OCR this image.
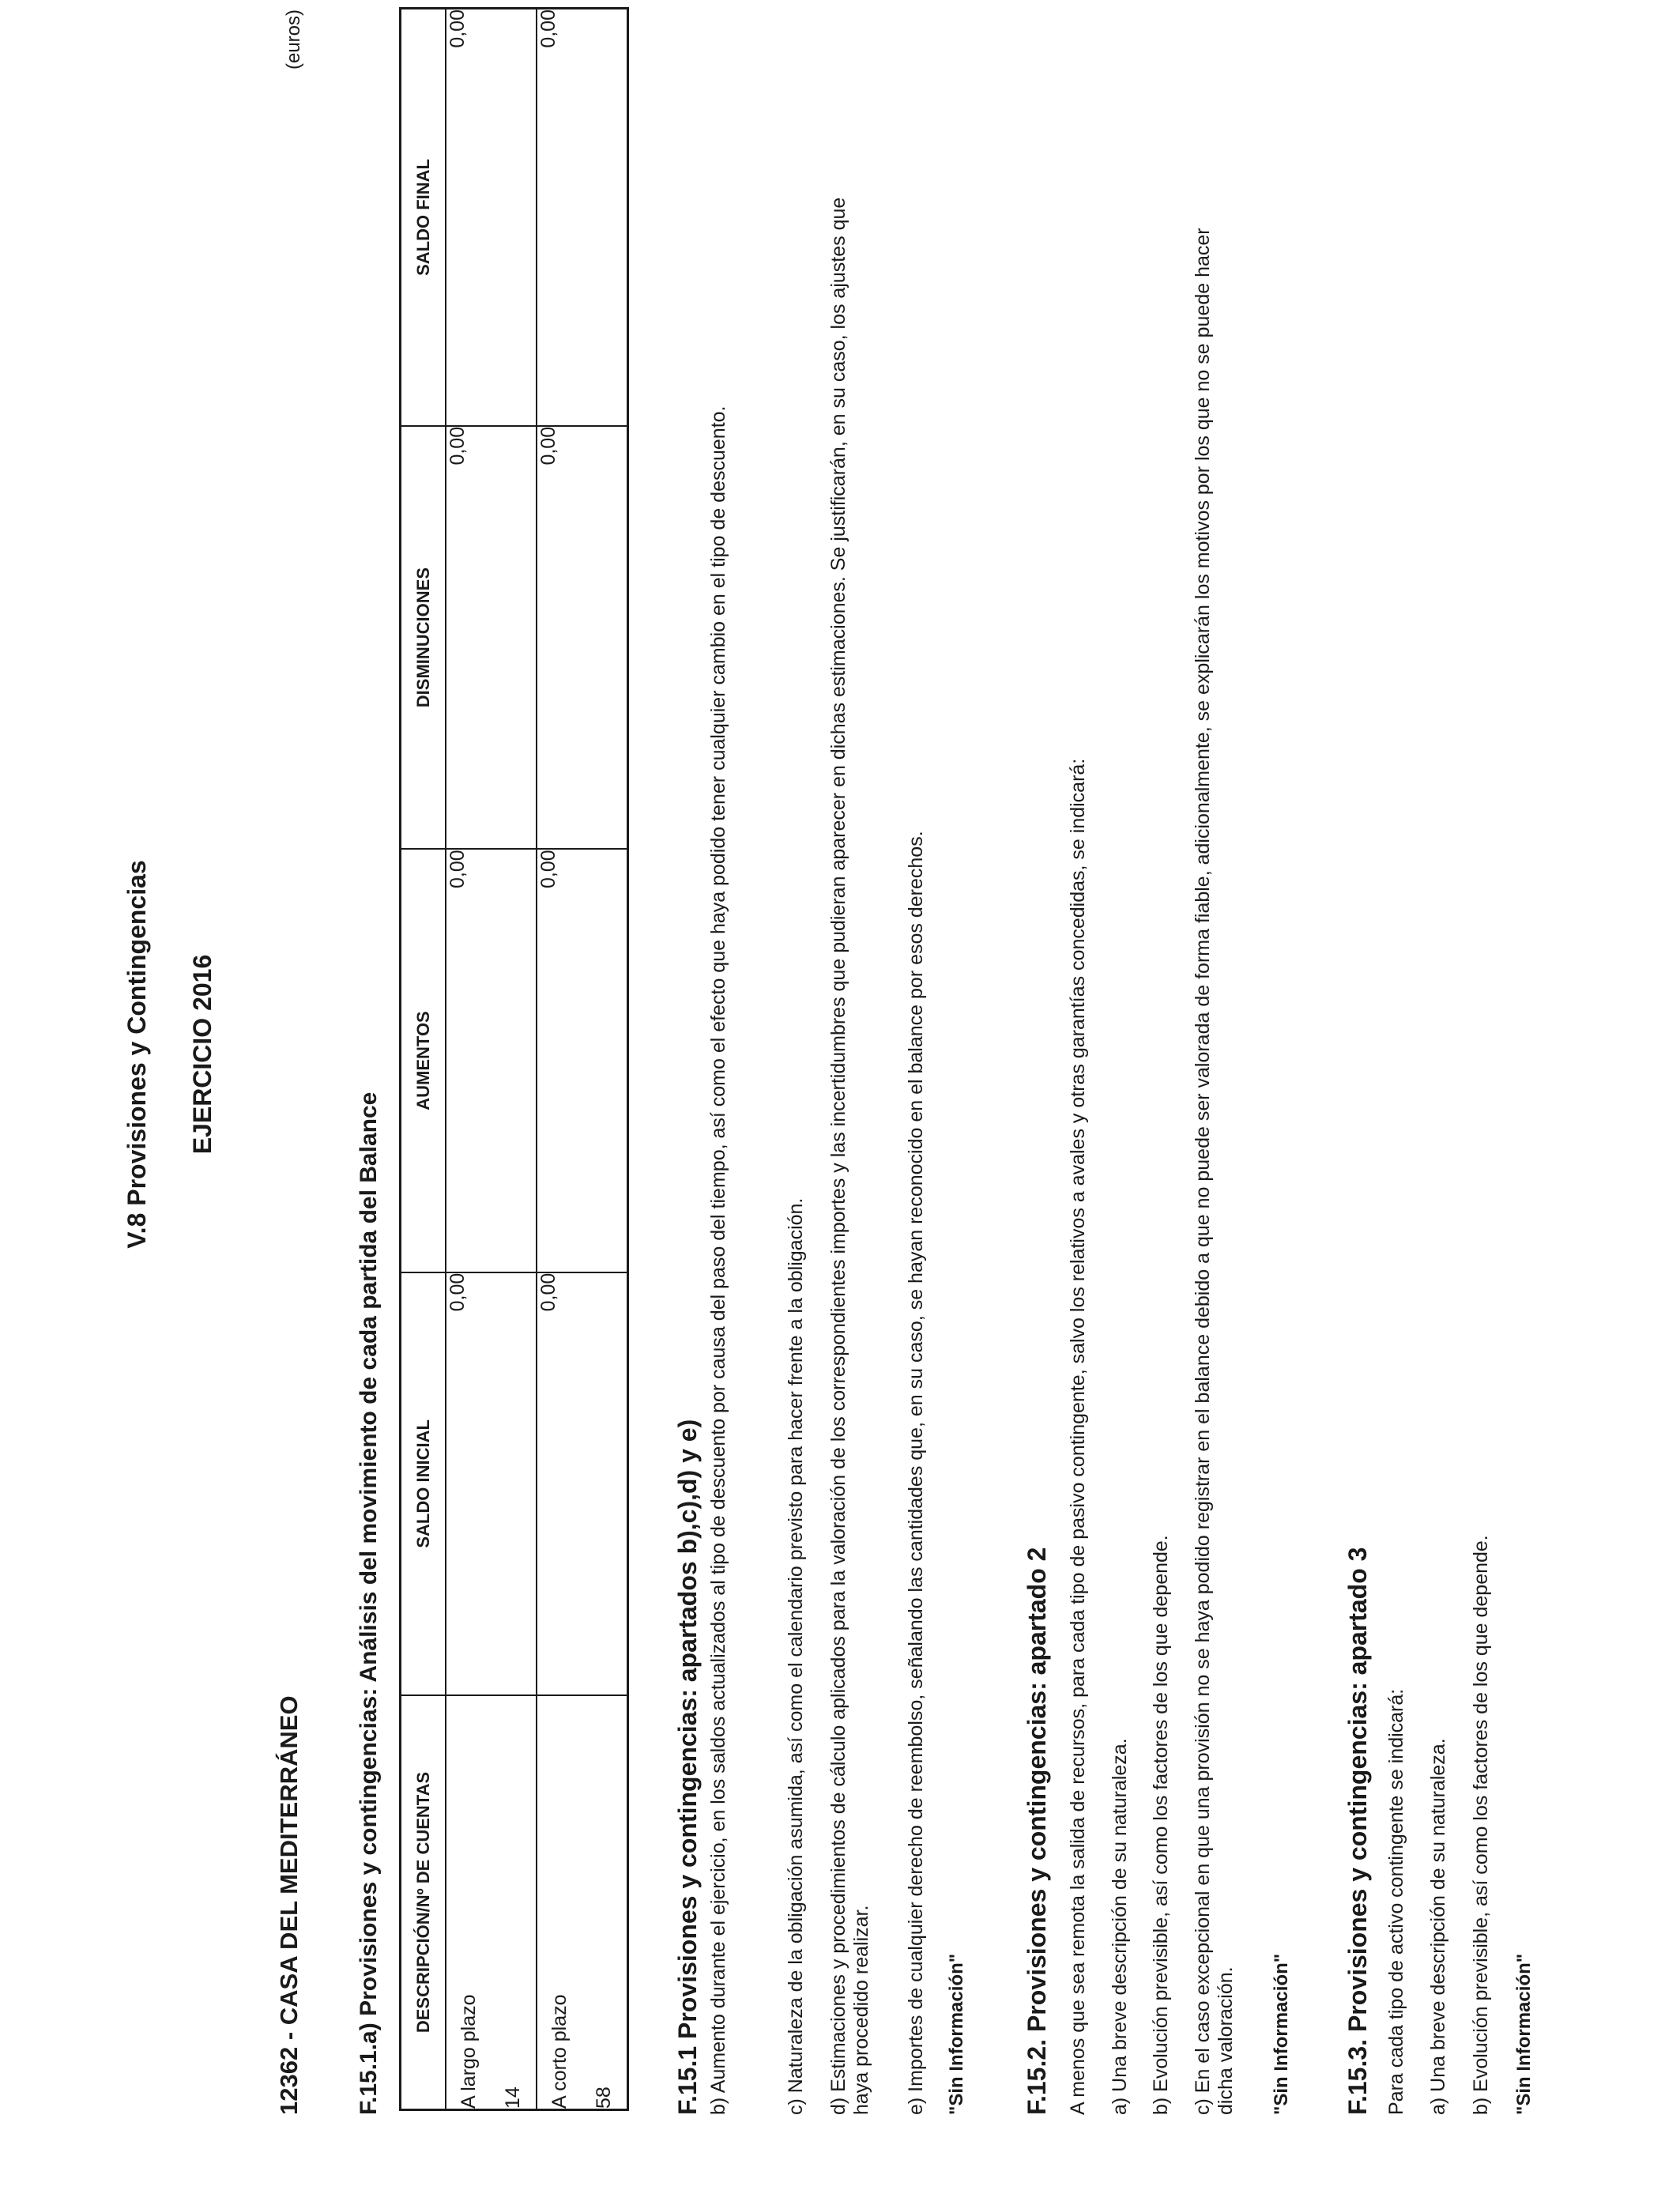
V.8 Provisiones y Contingencias EJERCICIO 2016
12362 - CASA DEL MEDITERRÁNEO
(euros)
F.15.1.a) Provisiones y contingencias: Análisis del movimiento de cada partida del Balance DESCRIPCIÓN/Nº DE CUENTAS	SALDO INICIAL	AUMENTOS	DISMINUCIONES	SALDO FINAL

A largo plazo 14	0,00	0,00	0,00	0,00

A corto plazo 58	0,00	0,00	0,00	0,00
F.15.1 Provisiones y contingencias: apartados b),c),d) y e) b) Aumento durante el ejercicio, en los saldos actualizados al tipo de descuento por causa del paso del tiempo, así como el efecto que haya podido tener cualquier cambio en el tipo de descuento.	c) Naturaleza de la obligación asumida, así como el calendario previsto para hacer frente a la obligación. d) Estimaciones y procedimientos de cálculo aplicados para la valoración de los correspondientes importes y las incertidumbres que pudieran aparecer en dichas estimaciones. Se justificarán, en su caso, los ajustes que haya procedido realizar. e) Importes de cualquier derecho de reembolso, señalando las cantidades que, en su caso, se hayan reconocido en el balance por esos derechos. "Sin Información" F.15.2. Provisiones y contingencias: apartado 2 A menos que sea remota la salida de recursos, para cada tipo de pasivo contingente, salvo los relativos a avales y otras garantías concedidas, se indicará: a) Una breve descripción de su naturaleza. b) Evolución previsible, así como los factores de los que depende. c) En el caso excepcional en que una provisión no se haya podido registrar en el balance debido a que no puede ser valorada de forma fiable, adicionalmente, se explicarán los motivos por los que no se puede hacer dicha valoración. "Sin Información" F.15.3. Provisiones y contingencias: apartado 3 Para cada tipo de activo contingente se indicará: a) Una breve descripción de su naturaleza. b) Evolución previsible, así como los factores de los que depende. "Sin Información"
